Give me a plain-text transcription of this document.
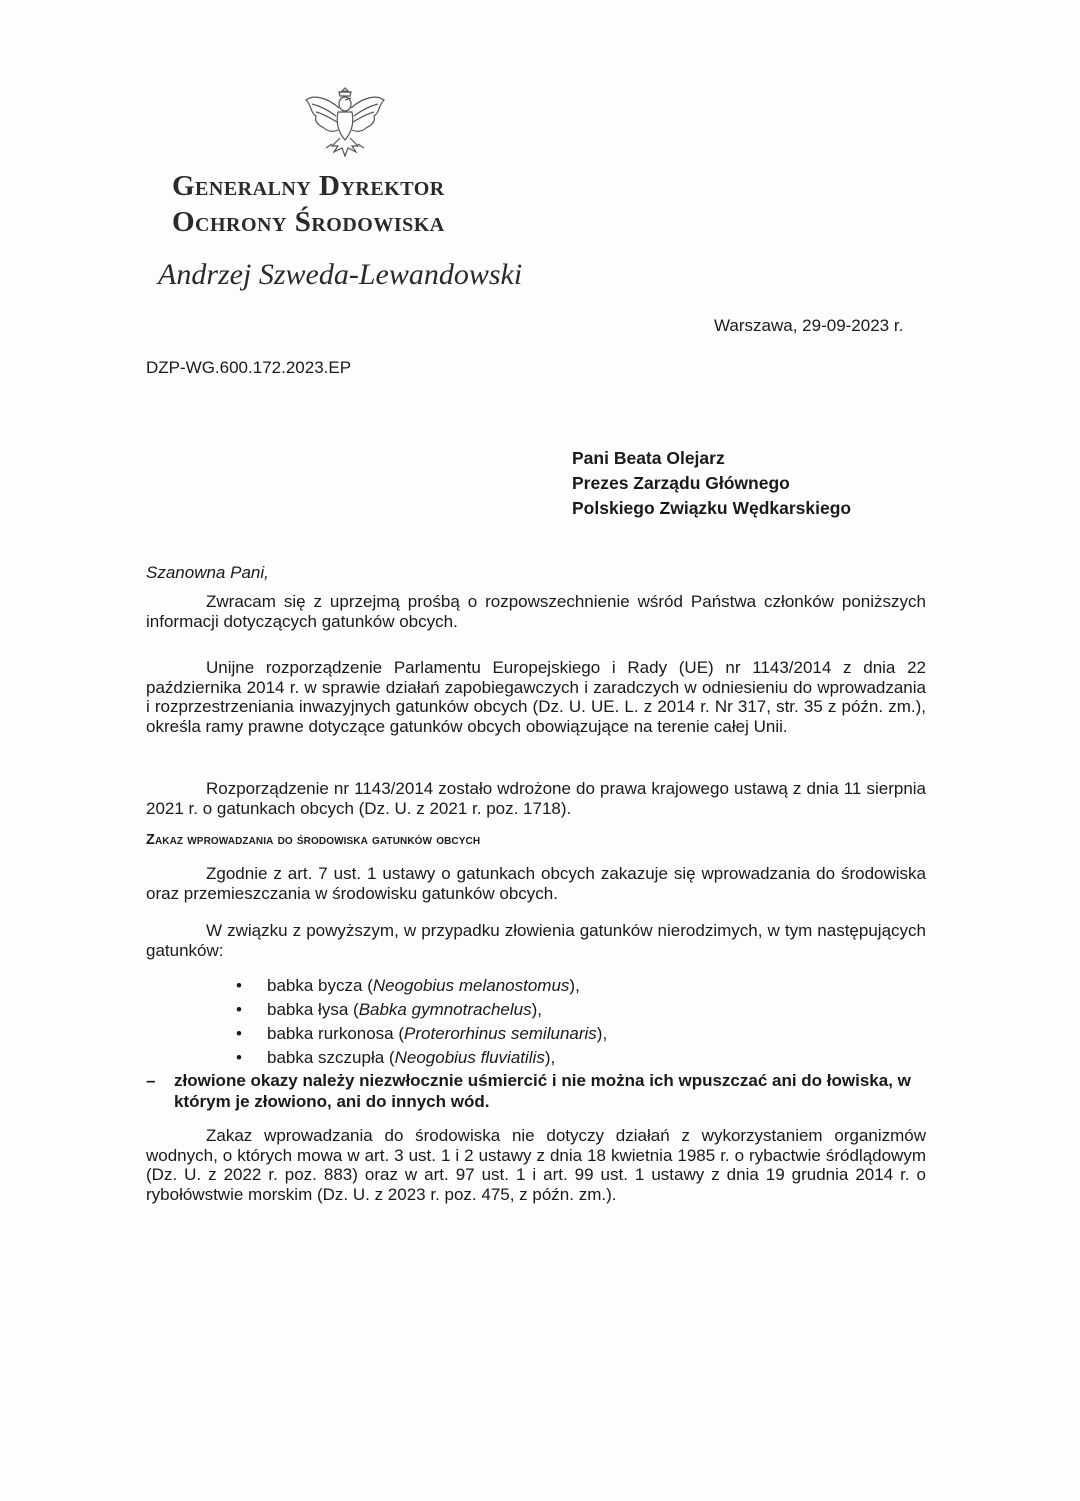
Generalny Dyrektor
Ochrony Środowiska
Andrzej Szweda-Lewandowski
Warszawa, 29-09-2023 r.
DZP-WG.600.172.2023.EP
Pani Beata Olejarz
Prezes Zarządu Głównego
Polskiego Związku Wędkarskiego
Szanowna Pani,

Zwracam się z uprzejmą prośbą o rozpowszechnienie wśród Państwa członków poniższych informacji dotyczących gatunków obcych.

Unijne rozporządzenie Parlamentu Europejskiego i Rady (UE) nr 1143/2014 z dnia 22 października 2014 r. w sprawie działań zapobiegawczych i zaradczych w odniesieniu do wprowadzania i rozprzestrzeniania inwazyjnych gatunków obcych (Dz. U. UE. L. z 2014 r. Nr 317, str. 35 z późn. zm.), określa ramy prawne dotyczące gatunków obcych obowiązujące na terenie całej Unii.

Rozporządzenie nr 1143/2014 zostało wdrożone do prawa krajowego ustawą z dnia 11 sierpnia 2021 r. o gatunkach obcych (Dz. U. z 2021 r. poz. 1718).

Zakaz wprowadzania do środowiska gatunków obcych

Zgodnie z art. 7 ust. 1 ustawy o gatunkach obcych zakazuje się wprowadzania do środowiska oraz przemieszczania w środowisku gatunków obcych.

W związku z powyższym, w przypadku złowienia gatunków nierodzimych, w tym następujących gatunków:

• babka bycza (Neogobius melanostomus),
• babka łysa (Babka gymnotrachelus),
• babka rurkonosa (Proterorhinus semilunaris),
• babka szczupła (Neogobius fluviatilis),
–	złowione okazy należy niezwłocznie uśmiercić i nie można ich wpuszczać ani do łowiska, w którym je złowiono, ani do innych wód.

Zakaz wprowadzania do środowiska nie dotyczy działań z wykorzystaniem organizmów wodnych, o których mowa w art. 3 ust. 1 i 2 ustawy z dnia 18 kwietnia 1985 r. o rybactwie śródlądowym (Dz. U. z 2022 r. poz. 883) oraz w art. 97 ust. 1 i art. 99 ust. 1 ustawy z dnia 19 grudnia 2014 r. o rybołówstwie morskim (Dz. U. z 2023 r. poz. 475, z późn. zm.).
